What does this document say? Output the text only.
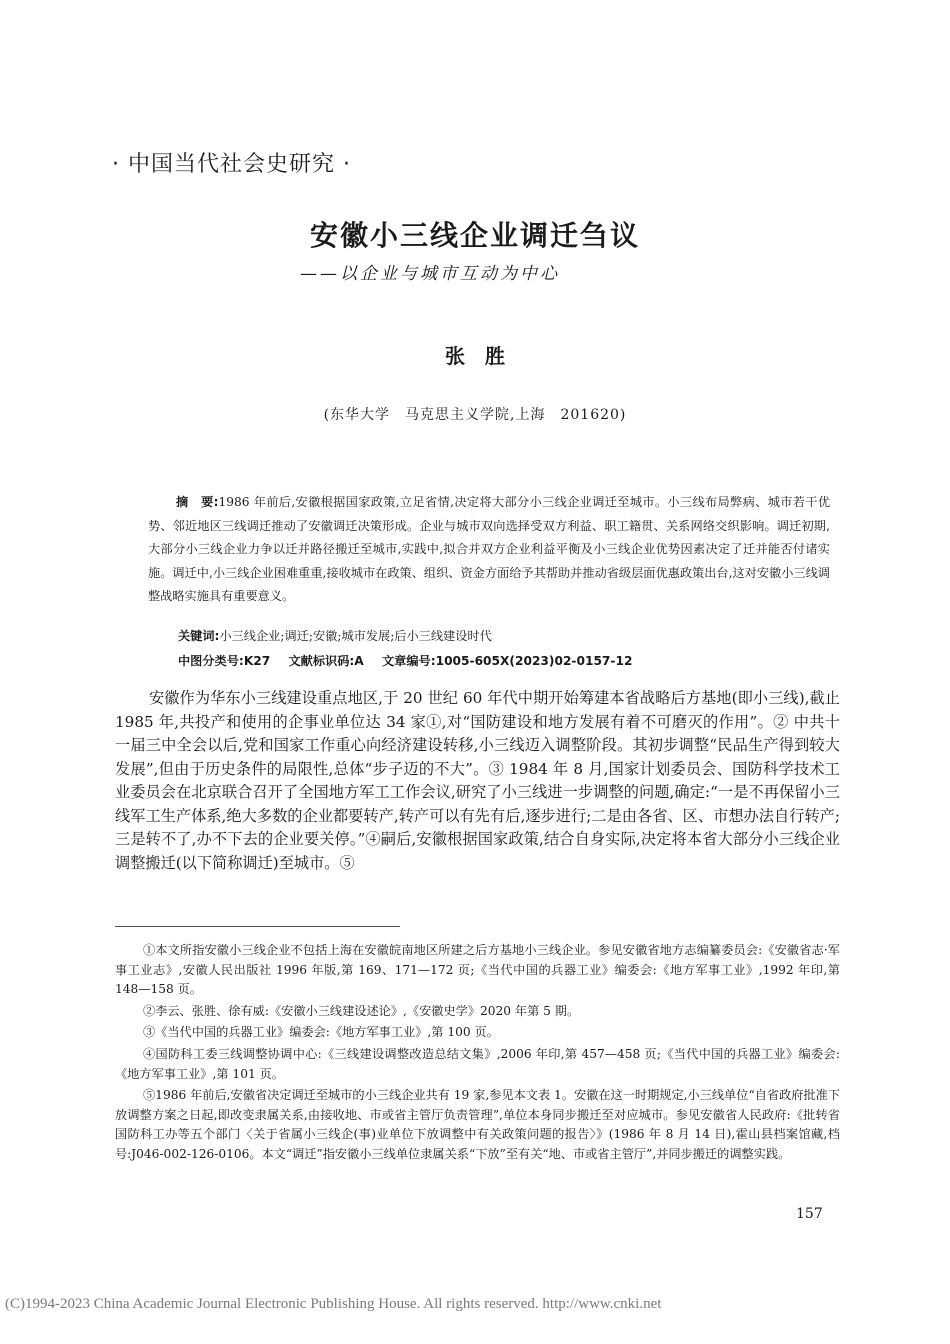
· 中国当代社会史研究 ·
安徽小三线企业调迁刍议
——以企业与城市互动为中心
张胜
(东华大学　马克思主义学院,上海　201620)
摘　要:1986 年前后,安徽根据国家政策,立足省情,决定将大部分小三线企业调迁至城市。小三线布局弊病、城市若干优势、邻近地区三线调迁推动了安徽调迁决策形成。企业与城市双向选择受双方利益、职工籍贯、关系网络交织影响。调迁初期,大部分小三线企业力争以迁并路径搬迁至城市,实践中,拟合并双方企业利益平衡及小三线企业优势因素决定了迁并能否付诸实施。调迁中,小三线企业困难重重,接收城市在政策、组织、资金方面给予其帮助并推动省级层面优惠政策出台,这对安徽小三线调整战略实施具有重要意义。
关键词:小三线企业;调迁;安徽;城市发展;后小三线建设时代
中图分类号:K27 文献标识码:A 文章编号:1005-605X(2023)02-0157-12
安徽作为华东小三线建设重点地区,于 20 世纪 60 年代中期开始筹建本省战略后方基地(即小三线),截止 1985 年,共投产和使用的企事业单位达 34 家①,对“国防建设和地方发展有着不可磨灭的作用”。② 中共十一届三中全会以后,党和国家工作重心向经济建设转移,小三线迈入调整阶段。其初步调整“民品生产得到较大发展”,但由于历史条件的局限性,总体“步子迈的不大”。③ 1984 年 8 月,国家计划委员会、国防科学技术工业委员会在北京联合召开了全国地方军工工作会议,研究了小三线进一步调整的问题,确定:“一是不再保留小三线军工生产体系,绝大多数的企业都要转产,转产可以有先有后,逐步进行;二是由各省、区、市想办法自行转产;三是转不了,办不下去的企业要关停。”④嗣后,安徽根据国家政策,结合自身实际,决定将本省大部分小三线企业调整搬迁(以下简称调迁)至城市。⑤
①本文所指安徽小三线企业不包括上海在安徽皖南地区所建之后方基地小三线企业。参见安徽省地方志编纂委员会:《安徽省志·军事工业志》,安徽人民出版社 1996 年版,第 169、171—172 页;《当代中国的兵器工业》编委会:《地方军事工业》,1992 年印,第 148—158 页。
②李云、张胜、徐有威:《安徽小三线建设述论》,《安徽史学》2020 年第 5 期。
③《当代中国的兵器工业》编委会:《地方军事工业》,第 100 页。
④国防科工委三线调整协调中心:《三线建设调整改造总结文集》,2006 年印,第 457—458 页;《当代中国的兵器工业》编委会:《地方军事工业》,第 101 页。
⑤1986 年前后,安徽省决定调迁至城市的小三线企业共有 19 家,参见本文表 1。安徽在这一时期规定,小三线单位“自省政府批准下放调整方案之日起,即改变隶属关系,由接收地、市或省主管厅负责管理”,单位本身同步搬迁至对应城市。参见安徽省人民政府:《批转省国防科工办等五个部门〈关于省属小三线企(事)业单位下放调整中有关政策问题的报告〉》(1986 年 8 月 14 日),霍山县档案馆藏,档号:J046-002-126-0106。本文“调迁”指安徽小三线单位隶属关系“下放”至有关“地、市或省主管厅”,并同步搬迁的调整实践。
157
(C)1994-2023 China Academic Journal Electronic Publishing House. All rights reserved. http://www.cnki.net
